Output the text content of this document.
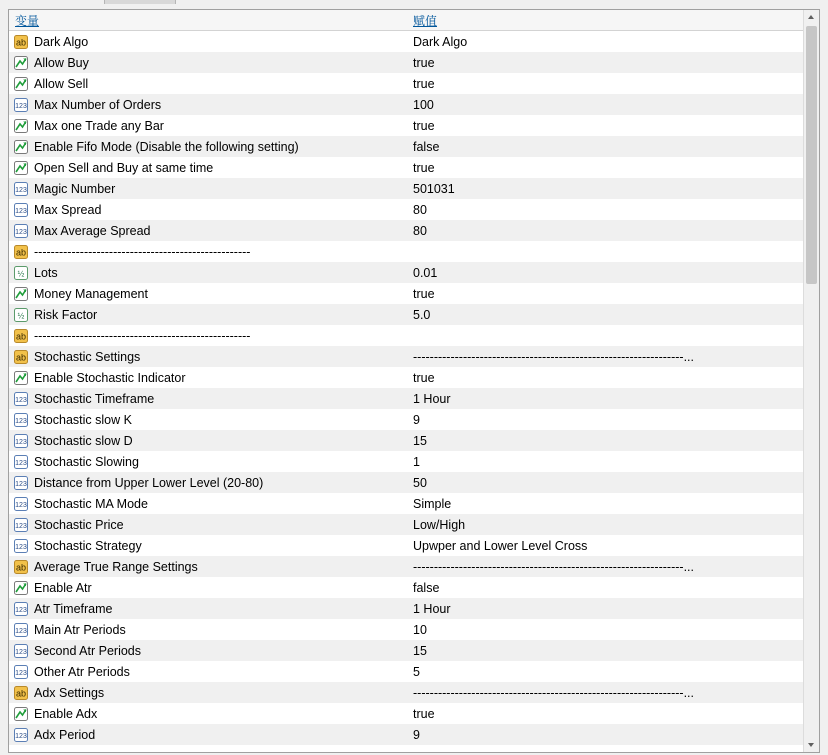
变量	赋值
ab Dark Algo	Dark Algo
Allow Buy	true
Allow Sell	true
123 Max Number of Orders	100
Max one Trade any Bar	true
Enable Fifo Mode (Disable the following setting)	false
Open Sell and Buy at same time	true
123 Magic Number	501031
123 Max Spread	80
123 Max Average Spread	80
ab ----------------------------------------------------
½ Lots	0.01
Money Management	true
½ Risk Factor	5.0
ab ----------------------------------------------------
ab Stochastic Settings	-----------------------------------------------------------------...
Enable Stochastic Indicator	true
123 Stochastic Timeframe	1 Hour
123 Stochastic slow K	9
123 Stochastic slow D	15
123 Stochastic Slowing	1
123 Distance from Upper Lower Level (20-80)	50
123 Stochastic MA Mode	Simple
123 Stochastic Price	Low/High
123 Stochastic Strategy	Upwper and Lower Level Cross
ab Average True Range Settings	-----------------------------------------------------------------...
Enable Atr	false
123 Atr Timeframe	1 Hour
123 Main Atr Periods	10
123 Second Atr Periods	15
123 Other Atr Periods	5
ab Adx Settings	-----------------------------------------------------------------...
Enable Adx	true
123 Adx Period	9
